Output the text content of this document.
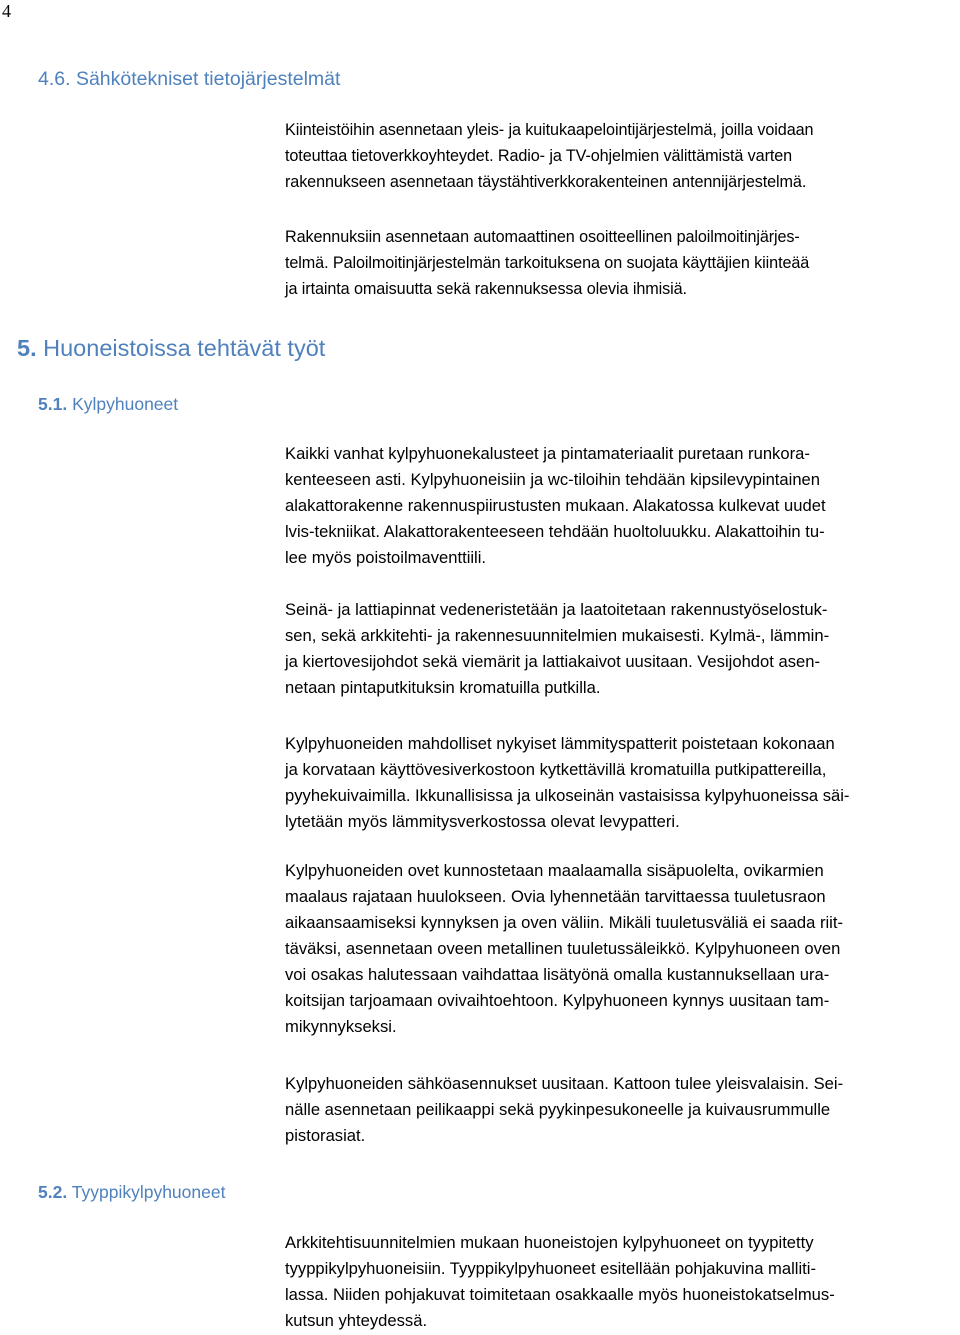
4
4.6. Sähkötekniset tietojärjestelmät

Kiinteistöihin asennetaan yleis- ja kuitukaapelointijärjestelmä, joilla voidaan
toteuttaa tietoverkkoyhteydet. Radio- ja TV-ohjelmien välittämistä varten
rakennukseen asennetaan täystähtiverkkorakenteinen antennijärjestelmä.

Rakennuksiin asennetaan automaattinen osoitteellinen paloilmoitinjärjes-
telmä. Paloilmoitinjärjestelmän tarkoituksena on suojata käyttäjien kiinteää
ja irtainta omaisuutta sekä rakennuksessa olevia ihmisiä.

5. Huoneistoissa tehtävät työt
5.1. Kylpyhuoneet

Kaikki vanhat kylpyhuonekalusteet ja pintamateriaalit puretaan runkora-
kenteeseen asti. Kylpyhuoneisiin ja wc-tiloihin tehdään kipsilevypintainen
alakattorakenne rakennuspiirustusten mukaan. Alakatossa kulkevat uudet
lvis-tekniikat. Alakattorakenteeseen tehdään huoltoluukku. Alakattoihin tu-
lee myös poistoilmaventtiili.

Seinä- ja lattiapinnat vedeneristetään ja laatoitetaan rakennustyöselostuk-
sen, sekä arkkitehti- ja rakennesuunnitelmien mukaisesti. Kylmä-, lämmin-
ja kiertovesijohdot sekä viemärit ja lattiakaivot uusitaan. Vesijohdot asen-
netaan pintaputkituksin kromatuilla putkilla.

Kylpyhuoneiden mahdolliset nykyiset lämmityspatterit poistetaan kokonaan
ja korvataan käyttövesiverkostoon kytkettävillä kromatuilla putkipattereilla,
pyyhekuivaimilla. Ikkunallisissa ja ulkoseinän vastaisissa kylpyhuoneissa säi-
lytetään myös lämmitysverkostossa olevat levypatteri.

Kylpyhuoneiden ovet kunnostetaan maalaamalla sisäpuolelta, ovikarmien
maalaus rajataan huulokseen. Ovia lyhennetään tarvittaessa tuuletusraon
aikaansaamiseksi kynnyksen ja oven väliin. Mikäli tuuletusväliä ei saada riit-
täväksi, asennetaan oveen metallinen tuuletussäleikkö. Kylpyhuoneen oven
voi osakas halutessaan vaihdattaa lisätyönä omalla kustannuksellaan ura-
koitsijan tarjoamaan ovivaihtoehtoon. Kylpyhuoneen kynnys uusitaan tam-
mikynnykseksi.

Kylpyhuoneiden sähköasennukset uusitaan. Kattoon tulee yleisvalaisin. Sei-
nälle asennetaan peilikaappi sekä pyykinpesukoneelle ja kuivausrummulle
pistorasiat.

5.2. Tyyppikylpyhuoneet

Arkkitehtisuunnitelmien mukaan huoneistojen kylpyhuoneet on tyypitetty
tyyppikylpyhuoneisiin. Tyyppikylpyhuoneet esitellään pohjakuvina malliti-
lassa. Niiden pohjakuvat toimitetaan osakkaalle myös huoneistokatselmus-
kutsun yhteydessä.
